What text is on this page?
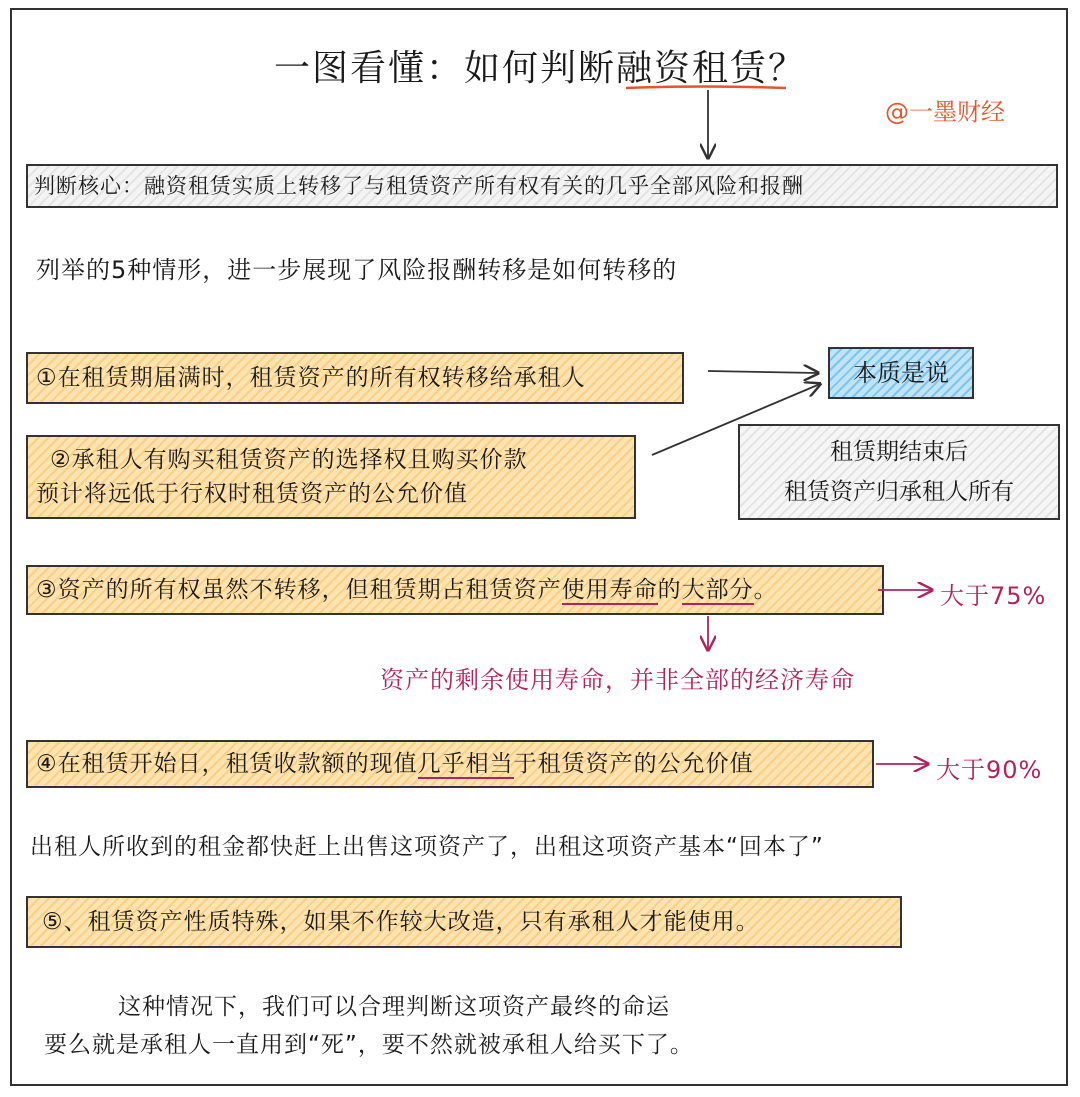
一图看懂：如何判断融资租赁？
@一墨财经
判断核心：融资租赁实质上转移了与租赁资产所有权有关的几乎全部风险和报酬
列举的5种情形，进一步展现了风险报酬转移是如何转移的
①在租赁期届满时，租赁资产的所有权转移给承租人
②承租人有购买租赁资产的选择权且购买价款
预计将远低于行权时租赁资产的公允价值
本质是说
租赁期结束后
租赁资产归承租人所有
③资产的所有权虽然不转移，但租赁期占租赁资产使用寿命的大部分。	大于75%
资产的剩余使用寿命，并非全部的经济寿命
④在租赁开始日，租赁收款额的现值几乎相当于租赁资产的公允价值	大于90%
出租人所收到的租金都快赶上出售这项资产了，出租这项资产基本“回本了”
⑤、租赁资产性质特殊，如果不作较大改造，只有承租人才能使用。
这种情况下，我们可以合理判断这项资产最终的命运
要么就是承租人一直用到“死”，要不然就被承租人给买下了。
